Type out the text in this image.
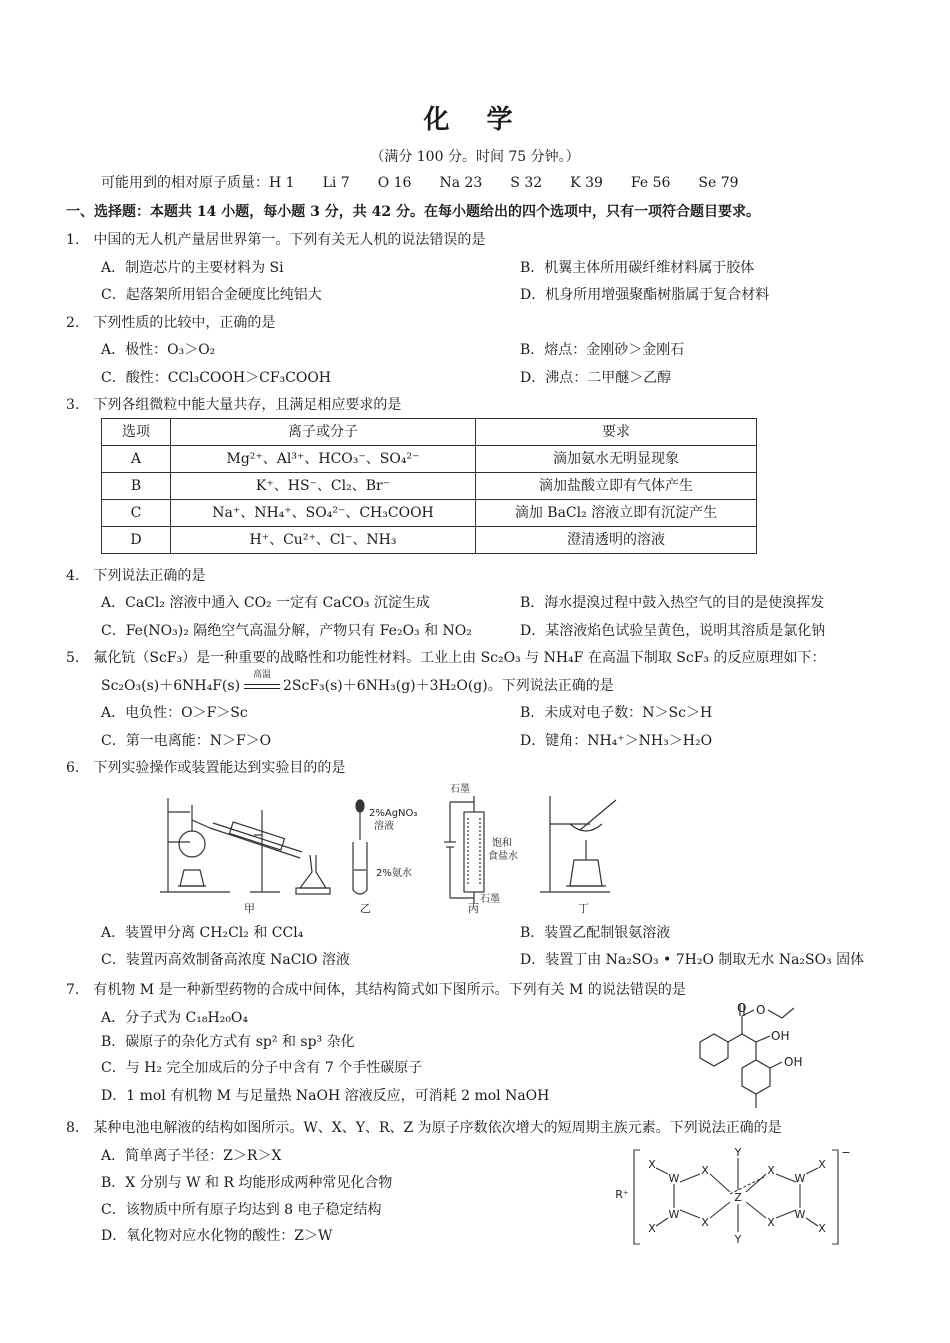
化 学
（满分 100 分。时间 75 分钟。）
可能用到的相对原子质量：H 1　　Li 7　　O 16　　Na 23　　S 32　　K 39　　Fe 56　　Se 79
一、选择题：本题共 14 小题，每小题 3 分，共 42 分。在每小题给出的四个选项中，只有一项符合题目要求。
1.　中国的无人机产量居世界第一。下列有关无人机的说法错误的是
A．制造芯片的主要材料为 Si	B．机翼主体所用碳纤维材料属于胶体
C．起落架所用铝合金硬度比纯铝大	D．机身所用增强聚酯树脂属于复合材料
2.　下列性质的比较中，正确的是
A．极性：O₃＞O₂	B．熔点：金刚砂＞金刚石
C．酸性：CCl₃COOH＞CF₃COOH	D．沸点：二甲醚＞乙醇
3.　下列各组微粒中能大量共存，且满足相应要求的是
选项	离子或分子	要求
A	Mg²⁺、Al³⁺、HCO₃⁻、SO₄²⁻	滴加氨水无明显现象
B	K⁺、HS⁻、Cl₂、Br⁻	滴加盐酸立即有气体产生
C	Na⁺、NH₄⁺、SO₄²⁻、CH₃COOH	滴加 BaCl₂ 溶液立即有沉淀产生
D	H⁺、Cu²⁺、Cl⁻、NH₃	澄清透明的溶液
4.　下列说法正确的是
A．CaCl₂ 溶液中通入 CO₂ 一定有 CaCO₃ 沉淀生成	B．海水提溴过程中鼓入热空气的目的是使溴挥发
C．Fe(NO₃)₂ 隔绝空气高温分解，产物只有 Fe₂O₃ 和 NO₂	D．某溶液焰色试验呈黄色，说明其溶质是氯化钠
5.　氟化钪（ScF₃）是一种重要的战略性和功能性材料。工业上由 Sc₂O₃ 与 NH₄F 在高温下制取 ScF₃ 的反应原理如下：
Sc₂O₃(s)＋6NH₄F(s)
高温
2ScF₃(s)＋6NH₃(g)＋3H₂O(g)。下列说法正确的是
A．电负性：O＞F＞Sc	B．未成对电子数：N＞Sc＞H
C．第一电离能：N＞F＞O	D．键角：NH₄⁺＞NH₃＞H₂O
6.　下列实验操作或装置能达到实验目的的是
甲	乙	丙	丁
2%AgNO₃
溶液
2%氨水
石墨
石墨
饱和
食盐水
A．装置甲分离 CH₂Cl₂ 和 CCl₄	B．装置乙配制银氨溶液
C．装置丙高效制备高浓度 NaClO 溶液	D．装置丁由 Na₂SO₃ • 7H₂O 制取无水 Na₂SO₃ 固体
7.　有机物 M 是一种新型药物的合成中间体，其结构简式如下图所示。下列有关 M 的说法错误的是
A．分子式为 C₁₈H₂₀O₄
B．碳原子的杂化方式有 sp² 和 sp³ 杂化
C．与 H₂ 完全加成后的分子中含有 7 个手性碳原子
D．1 mol 有机物 M 与足量热 NaOH 溶液反应，可消耗 2 mol NaOH
O O
OH
OH
8.　某种电池电解液的结构如图所示。W、X、Y、R、Z 为原子序数依次增大的短周期主族元素。下列说法正确的是
A．简单离子半径：Z＞R＞X
B．X 分别与 W 和 R 均能形成两种常见化合物
C．该物质中所有原子均达到 8 电子稳定结构
D．氧化物对应水化物的酸性：Z＞W
R⁺
−
Z
Y
Y
W
W
W
W
X
X
X
X
X
X
X
X
